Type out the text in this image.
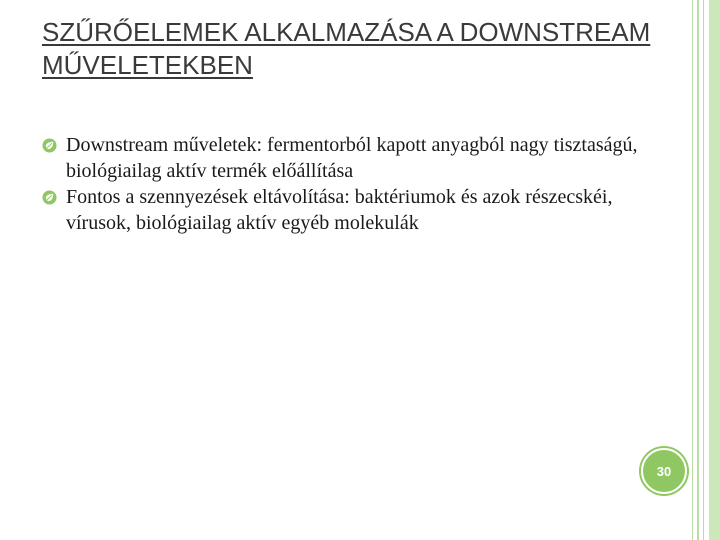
SZŰRŐELEMEK ALKALMAZÁSA A DOWNSTREAM MŰVELETEKBEN
Downstream műveletek: fermentorból kapott anyagból nagy tisztaságú, biológiailag aktív termék előállítása
Fontos a szennyezések eltávolítása: baktériumok és azok részecskéi, vírusok, biológiailag aktív egyéb molekulák
30
